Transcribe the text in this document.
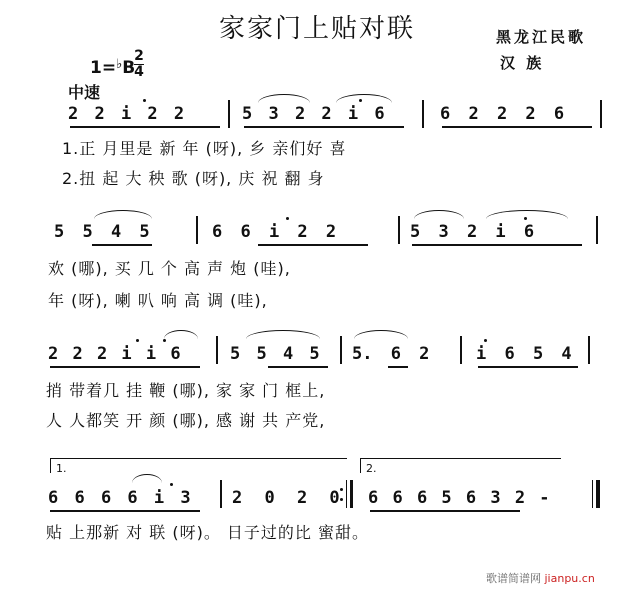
家家门上贴对联	黑龙江民歌
汉 族
1=♭B
2
4
中速
2 2 i 2 2	5 3 2 2 i 6	6 2 2 2 6
1.正 月里是 新 年 (呀), 乡 亲们好 喜
2.扭 起 大 秧 歌 (呀), 庆 祝 翻 身
5 5 4 5	6 6 i 2 2	5 3 2 i 6
欢 (哪), 买 几 个 高 声 炮 (哇),
年 (呀), 喇 叭 响 高 调 (哇),
2 2 2 i i 6	5 5 4 5 5. 6 2	i 6 5 4
捎 带着几 挂 鞭 (哪), 家 家 门 框上,
人 人都笑 开 颜 (哪), 感 谢 共 产党,
1.	2.
6 6 6 6 i 3 2 0 2 0 6 6 6 5 6 3 2 -
贴 上那新 对 联 (呀)。 日子过的比 蜜甜。
歌谱简谱网 jianpu.cn
